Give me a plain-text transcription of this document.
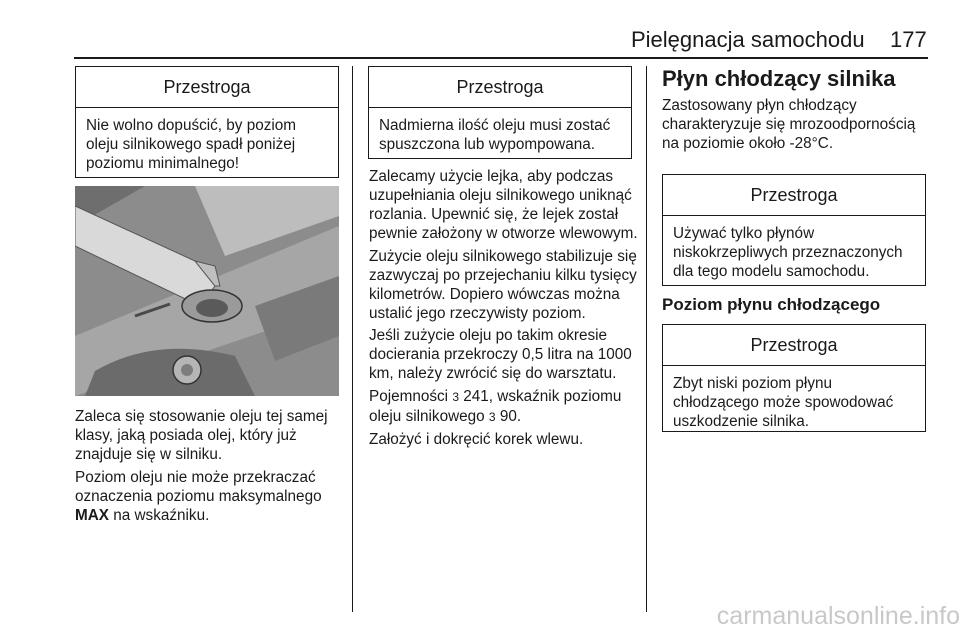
Pielęgnacja samochodu 177
Przestroga
Nie wolno dopuścić, by poziom oleju silnikowego spadł poniżej poziomu minimalnego!

Zaleca się stosowanie oleju tej samej klasy, jaką posiada olej, który już znajduje się w silniku.

Poziom oleju nie może przekraczać oznaczenia poziomu maksymalnego MAX na wskaźniku.

Przestroga
Nadmierna ilość oleju musi zostać spuszczona lub wypompowana.

Zalecamy użycie lejka, aby podczas uzupełniania oleju silnikowego uniknąć rozlania. Upewnić się, że lejek został pewnie założony w otworze wlewowym.

Zużycie oleju silnikowego stabilizuje się zazwyczaj po przejechaniu kilku tysięcy kilometrów. Dopiero wówczas można ustalić jego rzeczywisty poziom.

Jeśli zużycie oleju po takim okresie docierania przekroczy 0,5 litra na 1000 km, należy zwrócić się do warsztatu.

Pojemności 3 241, wskaźnik poziomu oleju silnikowego 3 90.

Założyć i dokręcić korek wlewu.

Płyn chłodzący silnika
Zastosowany płyn chłodzący charakteryzuje się mrozoodpornością na poziomie około -28°C.
Przestroga
Używać tylko płynów niskokrzepliwych przeznaczonych dla tego modelu samochodu.
Poziom płynu chłodzącego
Przestroga
Zbyt niski poziom płynu chłodzącego może spowodować uszkodzenie silnika.
carmanualsonline.info
